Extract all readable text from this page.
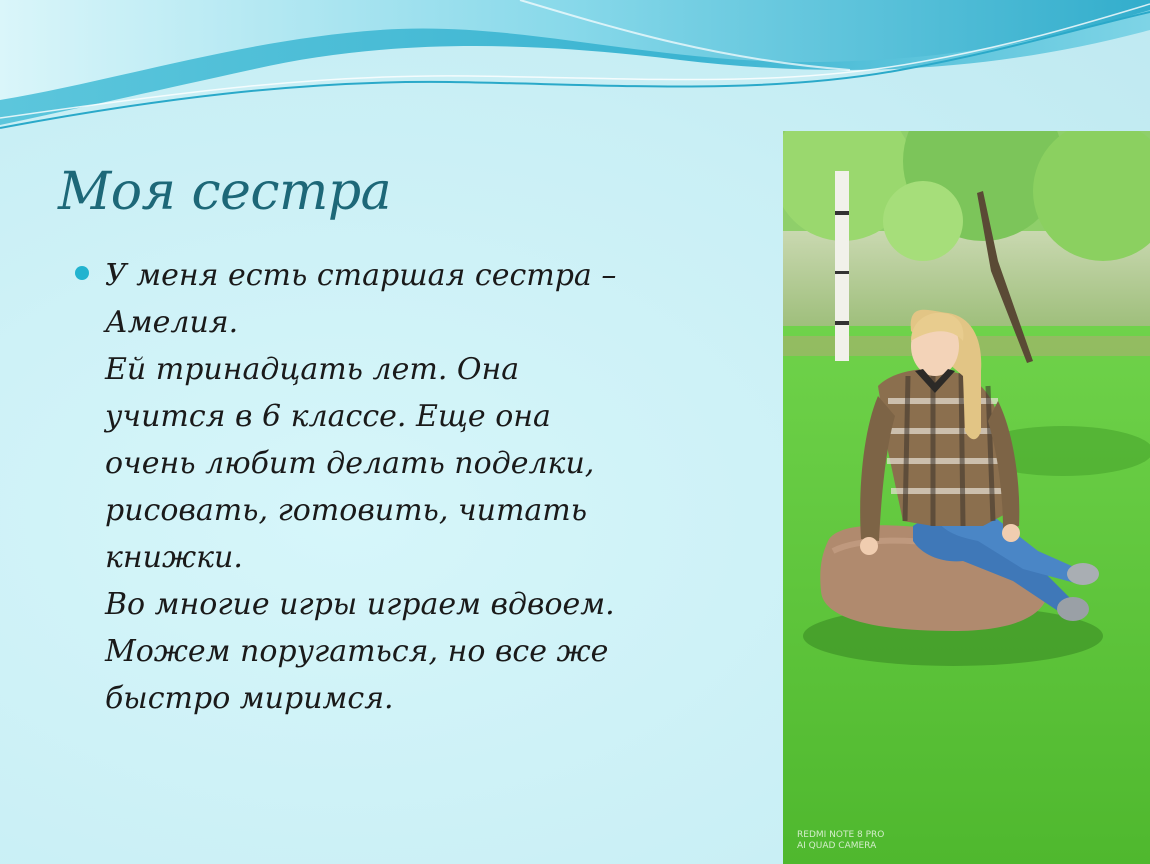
Моя сестра
У меня есть старшая сестра –
Амелия.
Ей тринадцать лет. Она
учится в 6 классе. Еще она
очень любит делать поделки,
рисовать, готовить, читать
книжки.
Во многие игры играем вдвоем.
Можем поругаться, но все же
быстро миримся.
REDMI NOTE 8 PRO
AI QUAD CAMERA
